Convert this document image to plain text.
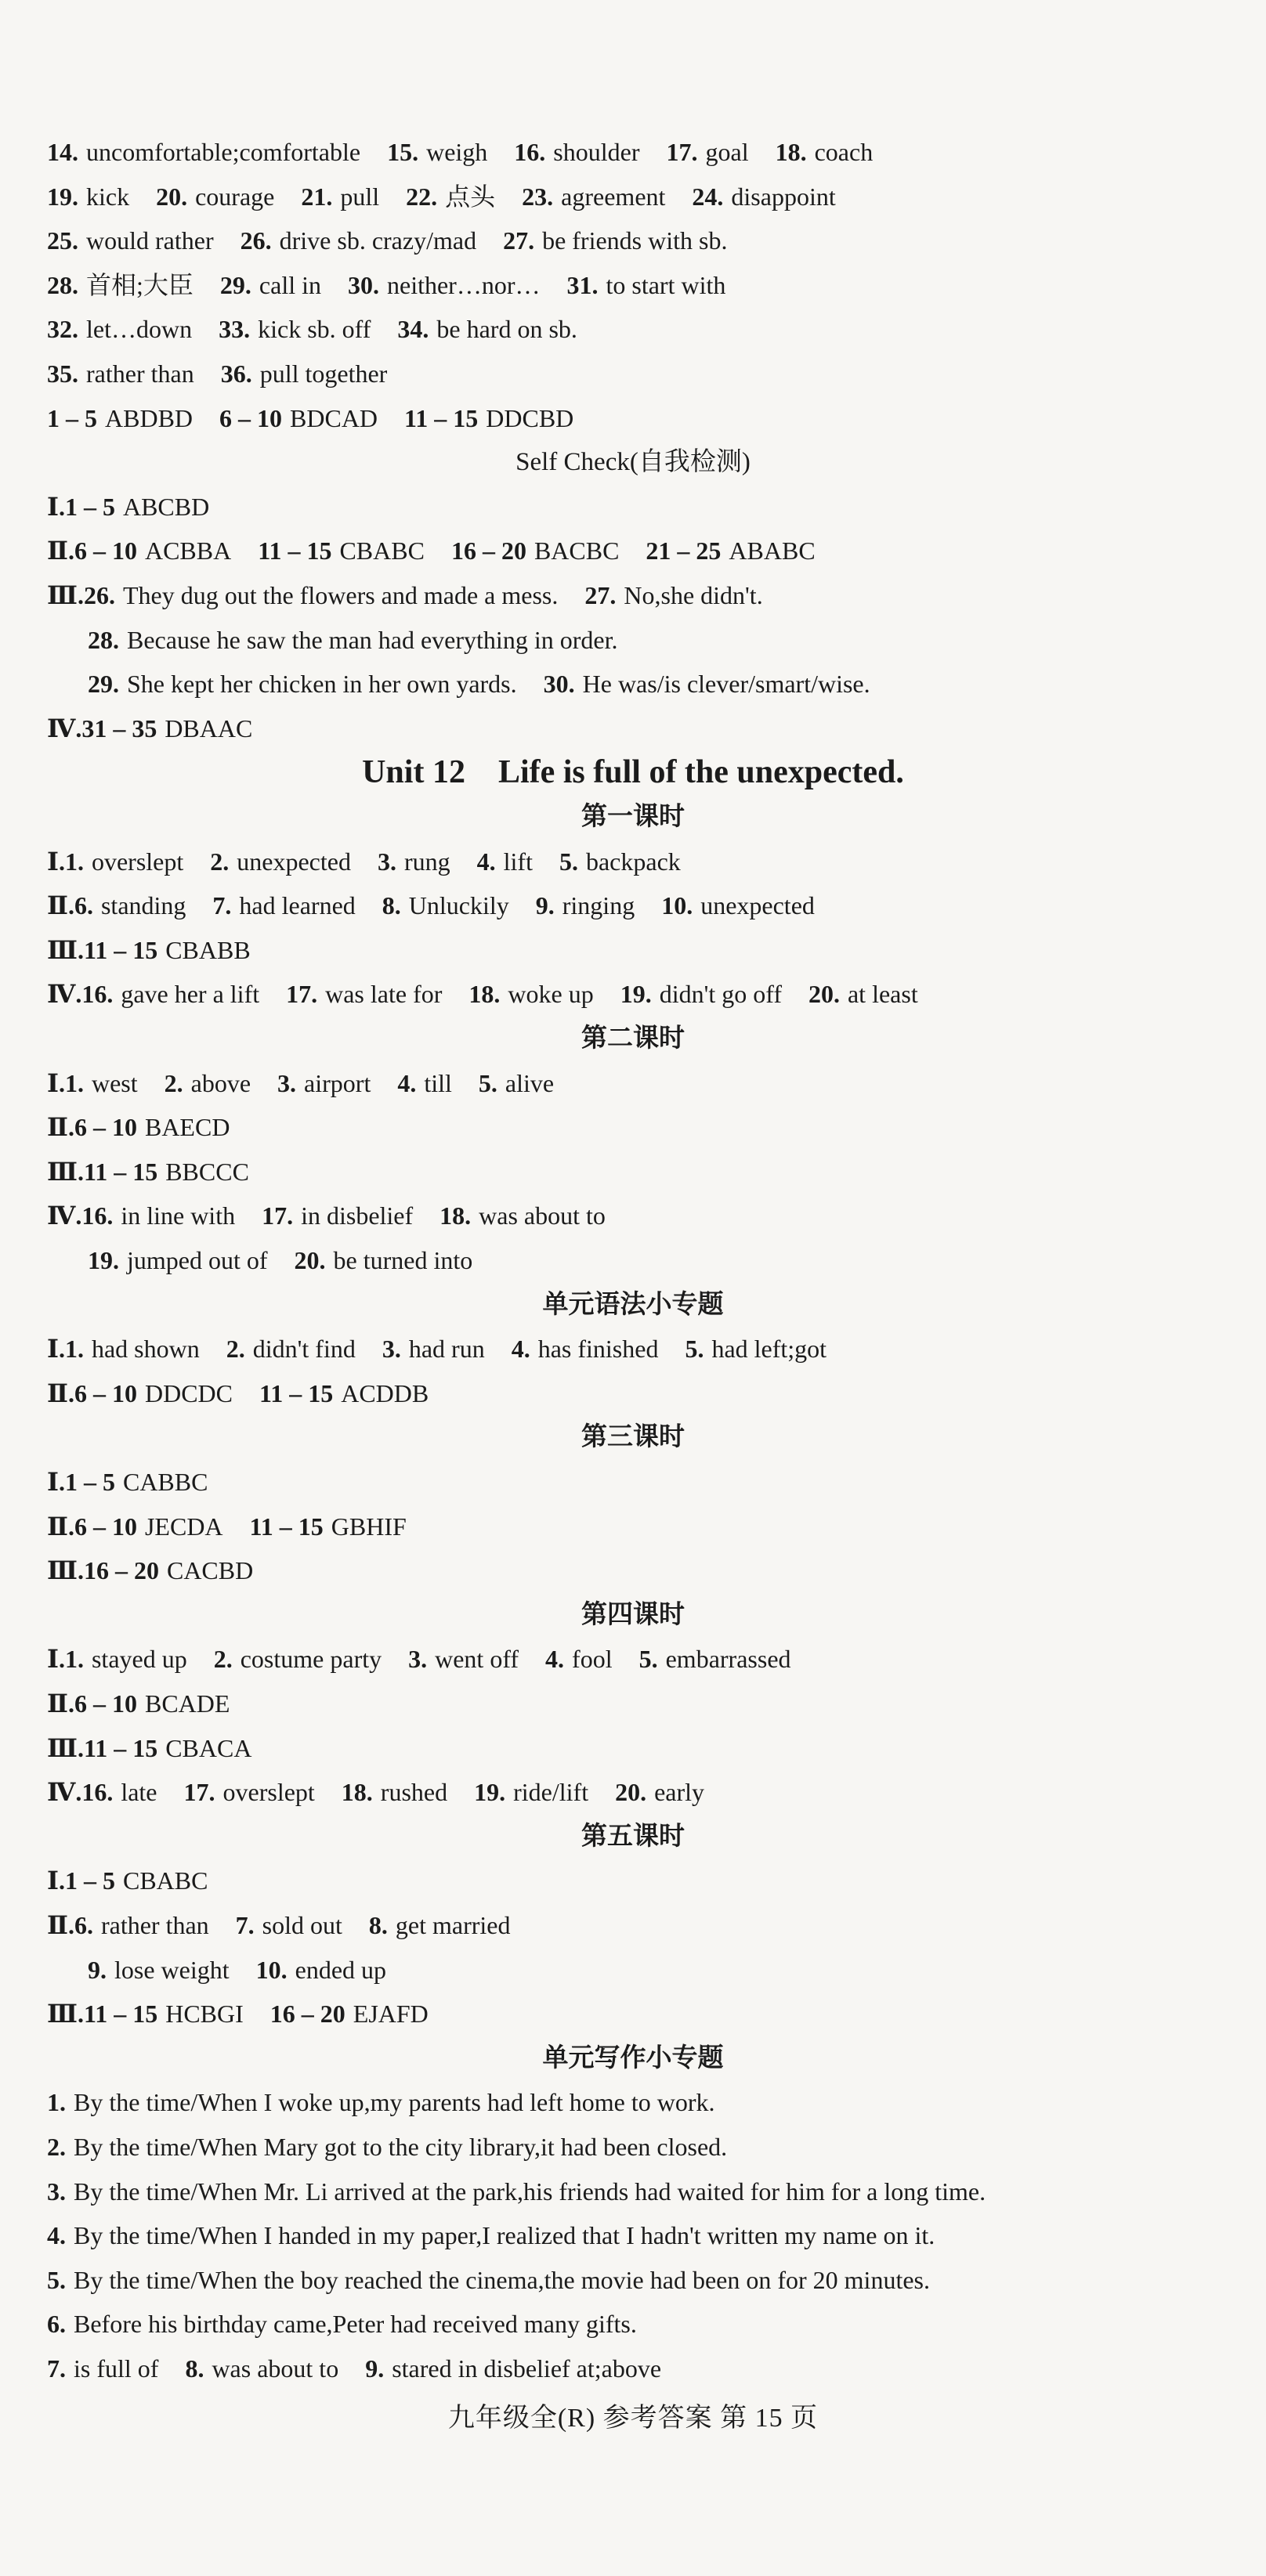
14. uncomfortable;comfortable 15. weigh 16. shoulder 17. goal 18. coach
19. kick 20. courage 21. pull 22. 点头 23. agreement 24. disappoint
25. would rather 26. drive sb. crazy/mad 27. be friends with sb.
28. 首相;大臣 29. call in 30. neither…nor… 31. to start with
32. let…down 33. kick sb. off 34. be hard on sb.
35. rather than 36. pull together
1 – 5 ABDBD 6 – 10 BDCAD 11 – 15 DDCBD
Self Check(自我检测)
Ⅰ.1 – 5 ABCBD
Ⅱ.6 – 10 ACBBA 11 – 15 CBABC 16 – 20 BACBC 21 – 25 ABABC
Ⅲ.26. They dug out the flowers and made a mess. 27. No,she didn't.
28. Because he saw the man had everything in order.
29. She kept her chicken in her own yards. 30. He was/is clever/smart/wise.
Ⅳ.31 – 35 DBAAC
Unit 12    Life is full of the unexpected.
第一课时
Ⅰ.1. overslept 2. unexpected 3. rung 4. lift 5. backpack
Ⅱ.6. standing 7. had learned 8. Unluckily 9. ringing 10. unexpected
Ⅲ.11 – 15 CBABB
Ⅳ.16. gave her a lift 17. was late for 18. woke up 19. didn't go off 20. at least
第二课时
Ⅰ.1. west 2. above 3. airport 4. till 5. alive
Ⅱ.6 – 10 BAECD
Ⅲ.11 – 15 BBCCC
Ⅳ.16. in line with 17. in disbelief 18. was about to
19. jumped out of 20. be turned into
单元语法小专题
Ⅰ.1. had shown 2. didn't find 3. had run 4. has finished 5. had left;got
Ⅱ.6 – 10 DDCDC 11 – 15 ACDDB
第三课时
Ⅰ.1 – 5 CABBC
Ⅱ.6 – 10 JECDA 11 – 15 GBHIF
Ⅲ.16 – 20 CACBD
第四课时
Ⅰ.1. stayed up 2. costume party 3. went off 4. fool 5. embarrassed
Ⅱ.6 – 10 BCADE
Ⅲ.11 – 15 CBACA
Ⅳ.16. late 17. overslept 18. rushed 19. ride/lift 20. early
第五课时
Ⅰ.1 – 5 CBABC
Ⅱ.6. rather than 7. sold out 8. get married
9. lose weight 10. ended up
Ⅲ.11 – 15 HCBGI 16 – 20 EJAFD
单元写作小专题
1. By the time/When I woke up,my parents had left home to work.
2. By the time/When Mary got to the city library,it had been closed.
3. By the time/When Mr. Li arrived at the park,his friends had waited for him for a long time.
4. By the time/When I handed in my paper,I realized that I hadn't written my name on it.
5. By the time/When the boy reached the cinema,the movie had been on for 20 minutes.
6. Before his birthday came,Peter had received many gifts.
7. is full of 8. was about to 9. stared in disbelief at;above
九年级全(R) 参考答案 第 15 页
